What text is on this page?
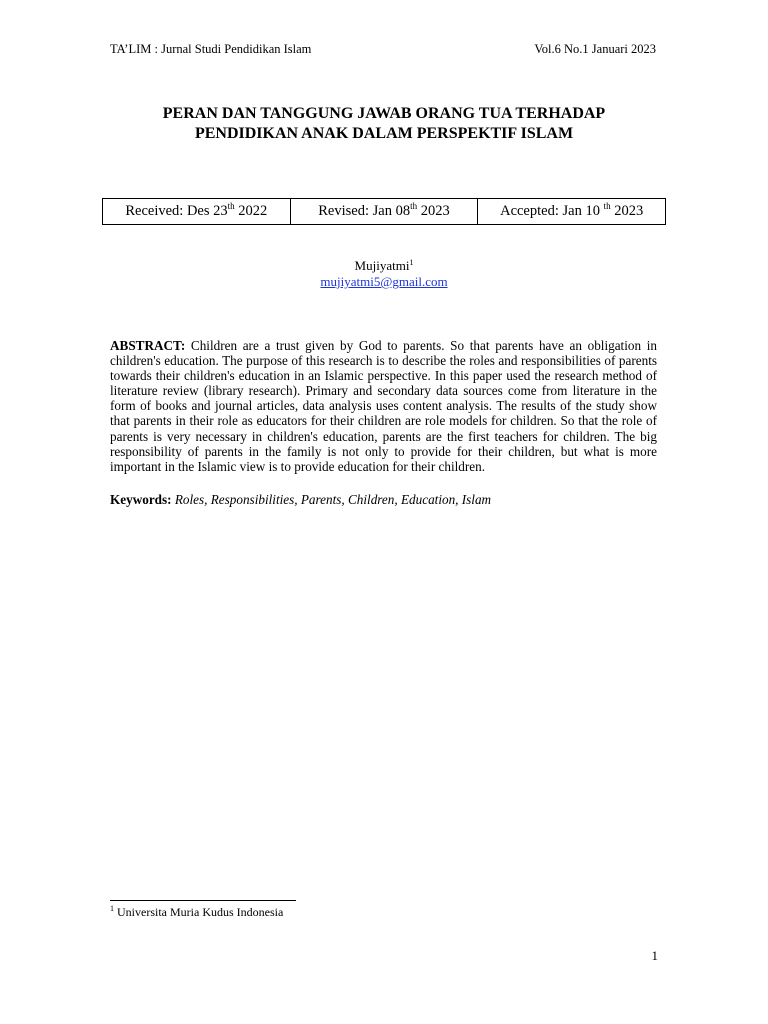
TA’LIM : Jurnal Studi Pendidikan Islam	Vol.6 No.1 Januari 2023
PERAN DAN TANGGUNG JAWAB ORANG TUA TERHADAP
PENDIDIKAN ANAK DALAM PERSPEKTIF ISLAM
Received: Des 23th 2022	Revised: Jan 08th 2023	Accepted: Jan 10 $^{th}$ 2023
Mujiyatmi$^1$
mujiyatmi5@gmail.com
ABSTRACT: Children are a trust given by God to parents. So that parents have an obligation in children's education. The purpose of this research is to describe the roles and responsibilities of parents towards their children's education in an Islamic perspective. In this paper used the research method of literature review (library research). Primary and secondary data sources come from literature in the form of books and journal articles, data analysis uses content analysis. The results of the study show that parents in their role as educators for their children are role models for children. So that the role of parents is very necessary in children's education, parents are the first teachers for children. The big responsibility of parents in the family is not only to provide for their children, but what is more important in the Islamic view is to provide education for their children.
Keywords: Roles, Responsibilities, Parents, Children, Education, Islam
$^1$ Universita Muria Kudus Indonesia
1
